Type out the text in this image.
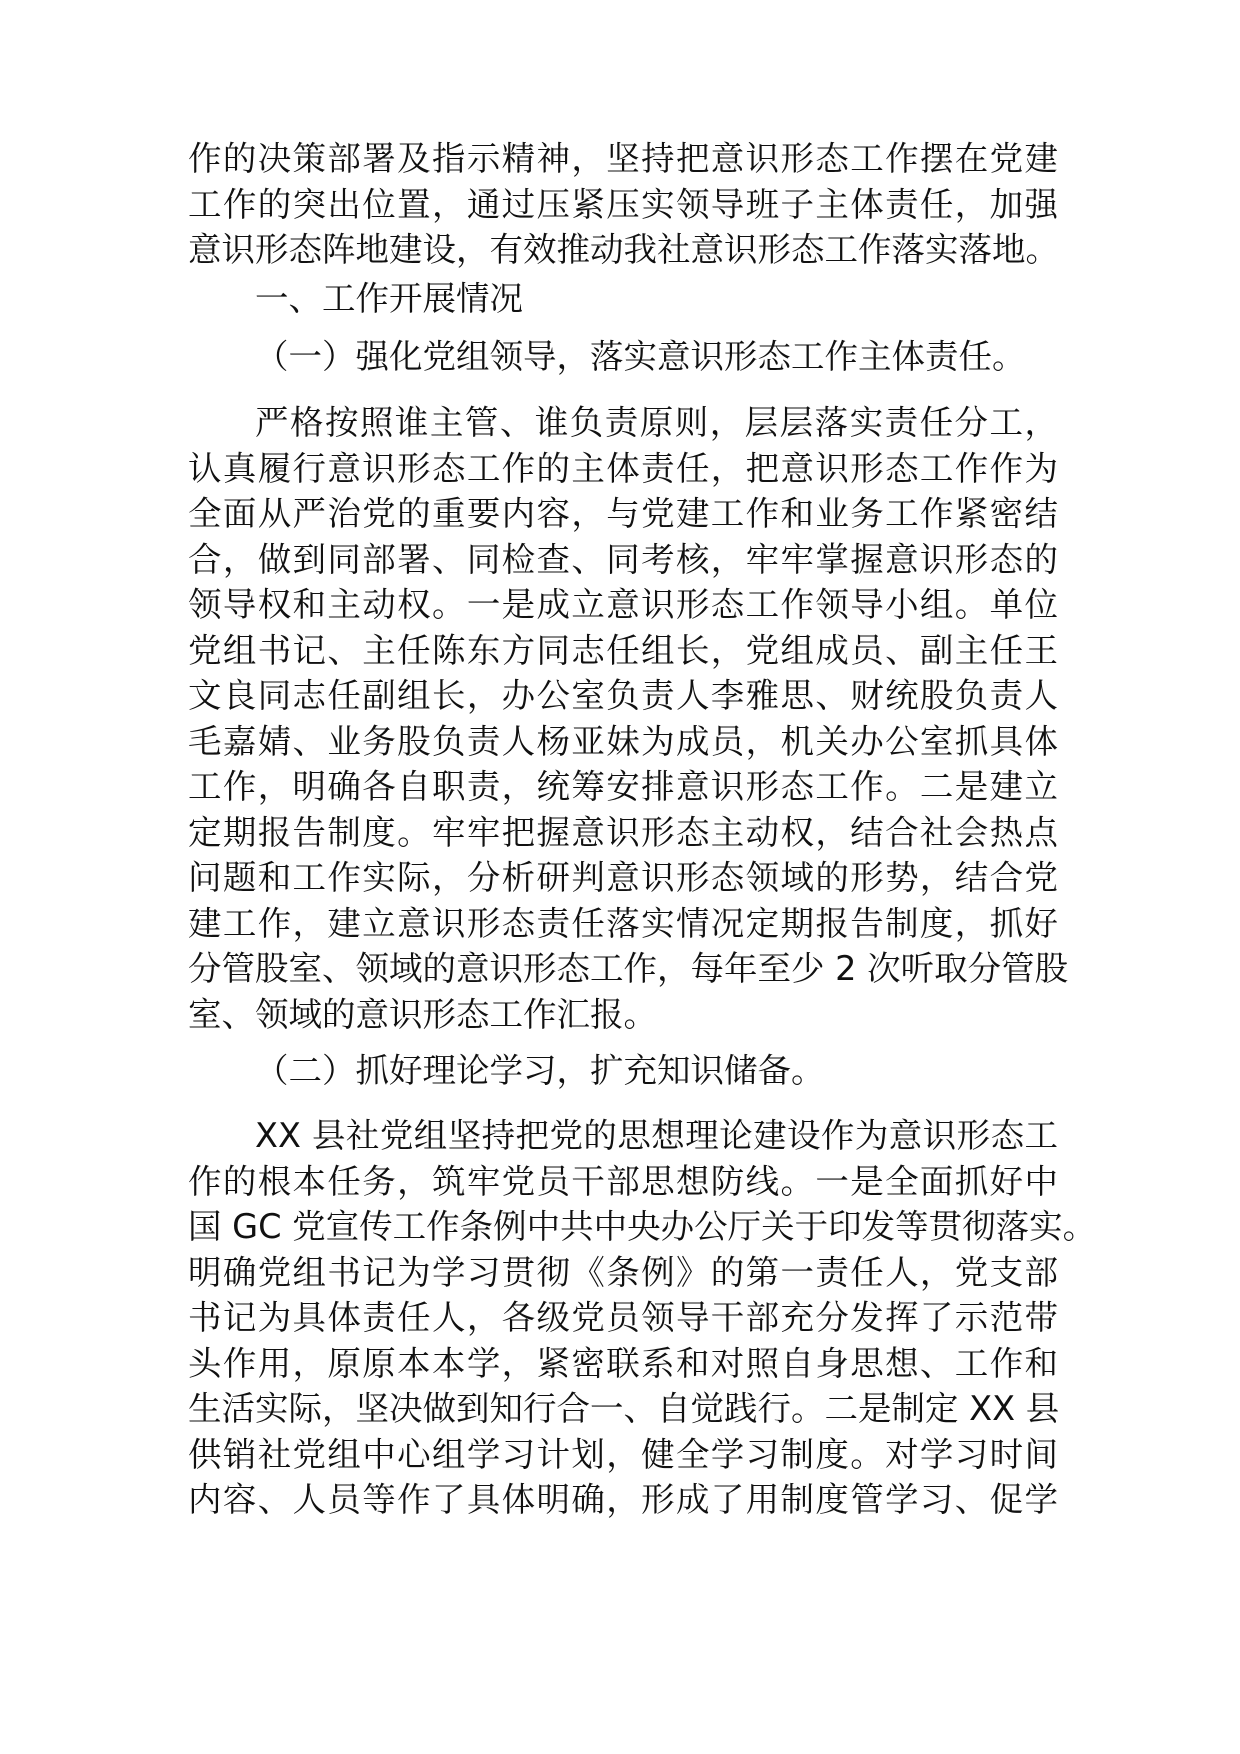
作的决策部署及指示精神，坚持把意识形态工作摆在党建
工作的突出位置，通过压紧压实领导班子主体责任，加强
意识形态阵地建设，有效推动我社意识形态工作落实落地。
一、工作开展情况
（一）强化党组领导，落实意识形态工作主体责任。
严格按照谁主管、谁负责原则，层层落实责任分工，
认真履行意识形态工作的主体责任，把意识形态工作作为
全面从严治党的重要内容，与党建工作和业务工作紧密结
合，做到同部署、同检查、同考核，牢牢掌握意识形态的
领导权和主动权。一是成立意识形态工作领导小组。单位
党组书记、主任陈东方同志任组长，党组成员、副主任王
文良同志任副组长，办公室负责人李雅思、财统股负责人
毛嘉婧、业务股负责人杨亚妹为成员，机关办公室抓具体
工作，明确各自职责，统筹安排意识形态工作。二是建立
定期报告制度。牢牢把握意识形态主动权，结合社会热点
问题和工作实际，分析研判意识形态领域的形势，结合党
建工作，建立意识形态责任落实情况定期报告制度，抓好
分管股室、领域的意识形态工作，每年至少 2 次听取分管股
室、领域的意识形态工作汇报。
（二）抓好理论学习，扩充知识储备。
XX 县社党组坚持把党的思想理论建设作为意识形态工
作的根本任务，筑牢党员干部思想防线。一是全面抓好中
国 GC 党宣传工作条例中共中央办公厅关于印发等贯彻落实。
明确党组书记为学习贯彻《条例》的第一责任人，党支部
书记为具体责任人，各级党员领导干部充分发挥了示范带
头作用，原原本本学，紧密联系和对照自身思想、工作和
生活实际，坚决做到知行合一、自觉践行。二是制定 XX 县
供销社党组中心组学习计划，健全学习制度。对学习时间
内容、人员等作了具体明确，形成了用制度管学习、促学
